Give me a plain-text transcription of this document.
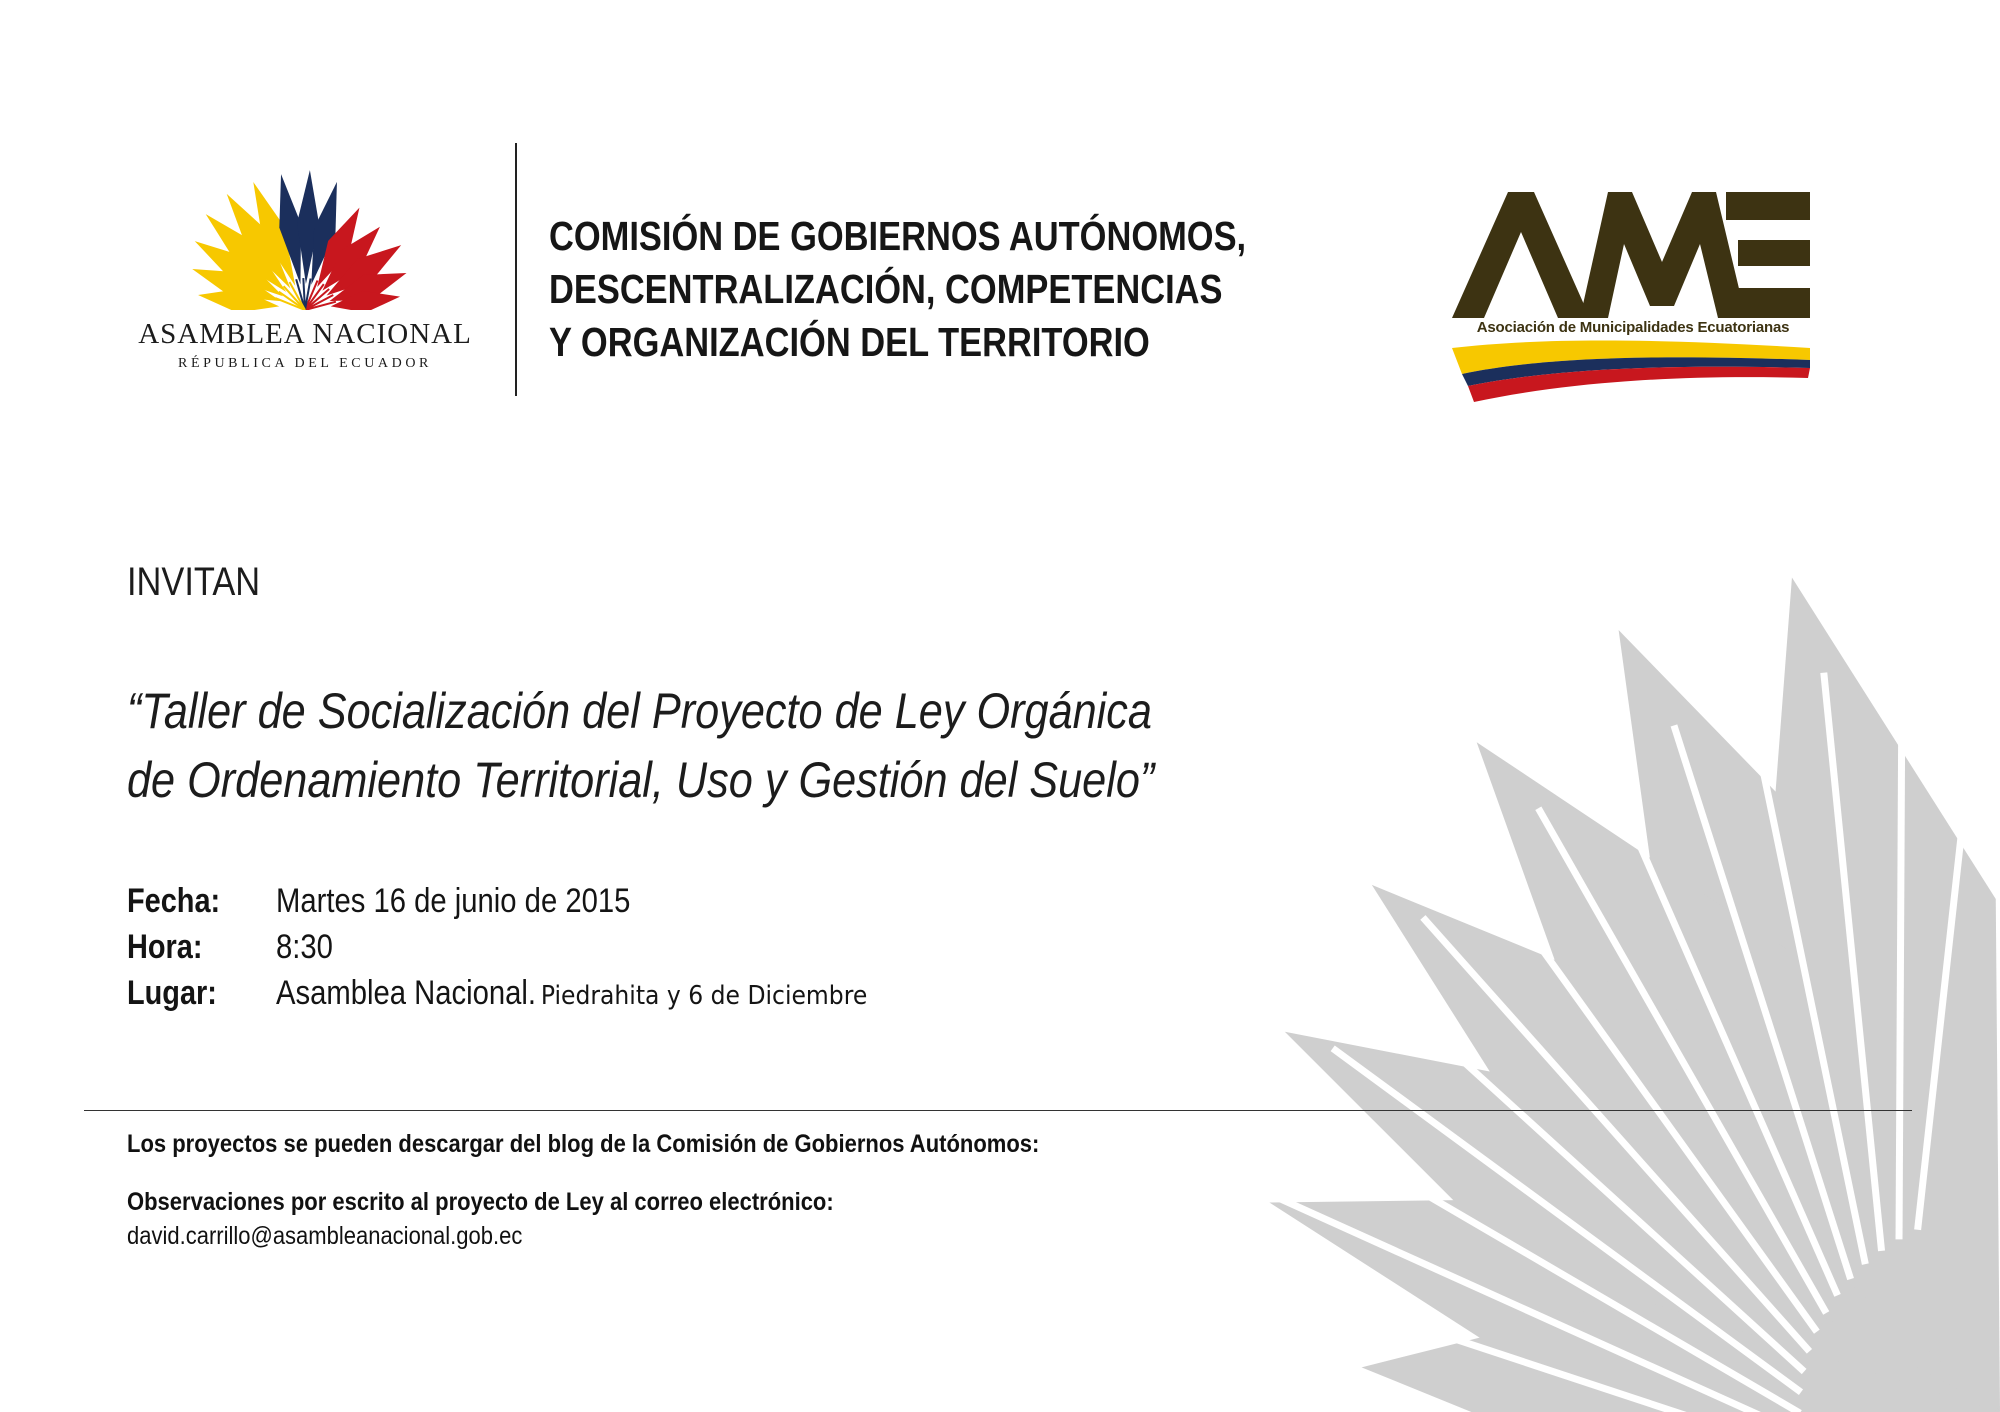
ASAMBLEA NACIONAL
RÉPUBLICA DEL ECUADOR
COMISIÓN DE GOBIERNOS AUTÓNOMOS,
DESCENTRALIZACIÓN, COMPETENCIAS
Y ORGANIZACIÓN DEL TERRITORIO	Asociación de Municipalidades Ecuatorianas
INVITAN
“Taller de Socialización del Proyecto de Ley Orgánica
de Ordenamiento Territorial, Uso y Gestión del Suelo”
Fecha: Martes 16 de junio de 2015
Hora: 8:30
Lugar: Asamblea Nacional. Piedrahita y 6 de Diciembre
Los proyectos se pueden descargar del blog de la Comisión de Gobiernos Autónomos:
Observaciones por escrito al proyecto de Ley al correo electrónico:
david.carrillo@asambleanacional.gob.ec
